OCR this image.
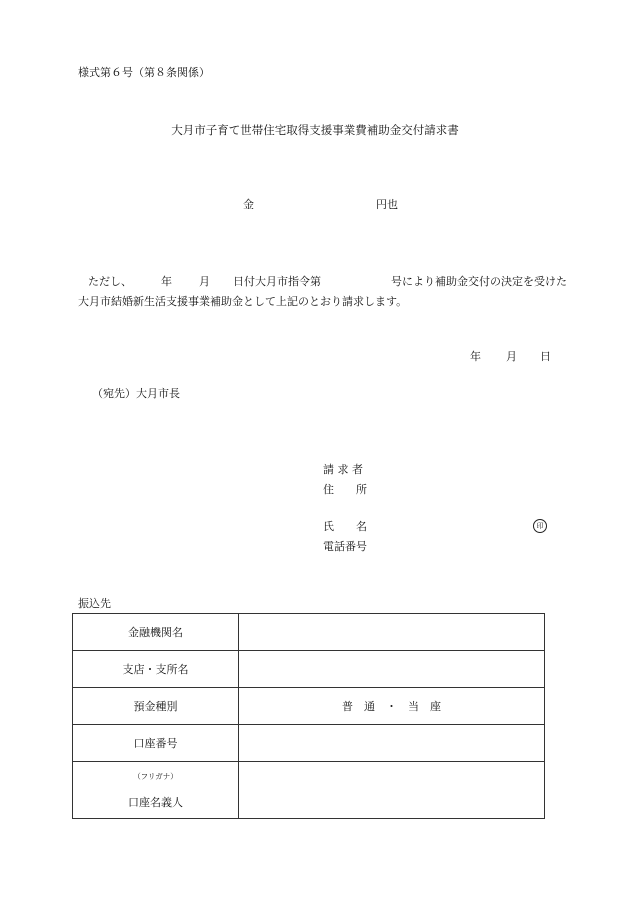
様式第６号（第８条関係）
大月市子育て世帯住宅取得支援事業費補助金交付請求書
金	円也
ただし、	年 月 日付大月市指令第	号により補助金交付の決定を受けた
大月市結婚新生活支援事業補助金として上記のとおり請求します。
年 月 日
（宛先）大月市長
請 求 者
住　　所
氏　　名	印
電話番号
振込先
金融機関名	
支店・支所名	
預金種別	普　通　・　当　座
口座番号	

（フリガナ）
口座名義人	
